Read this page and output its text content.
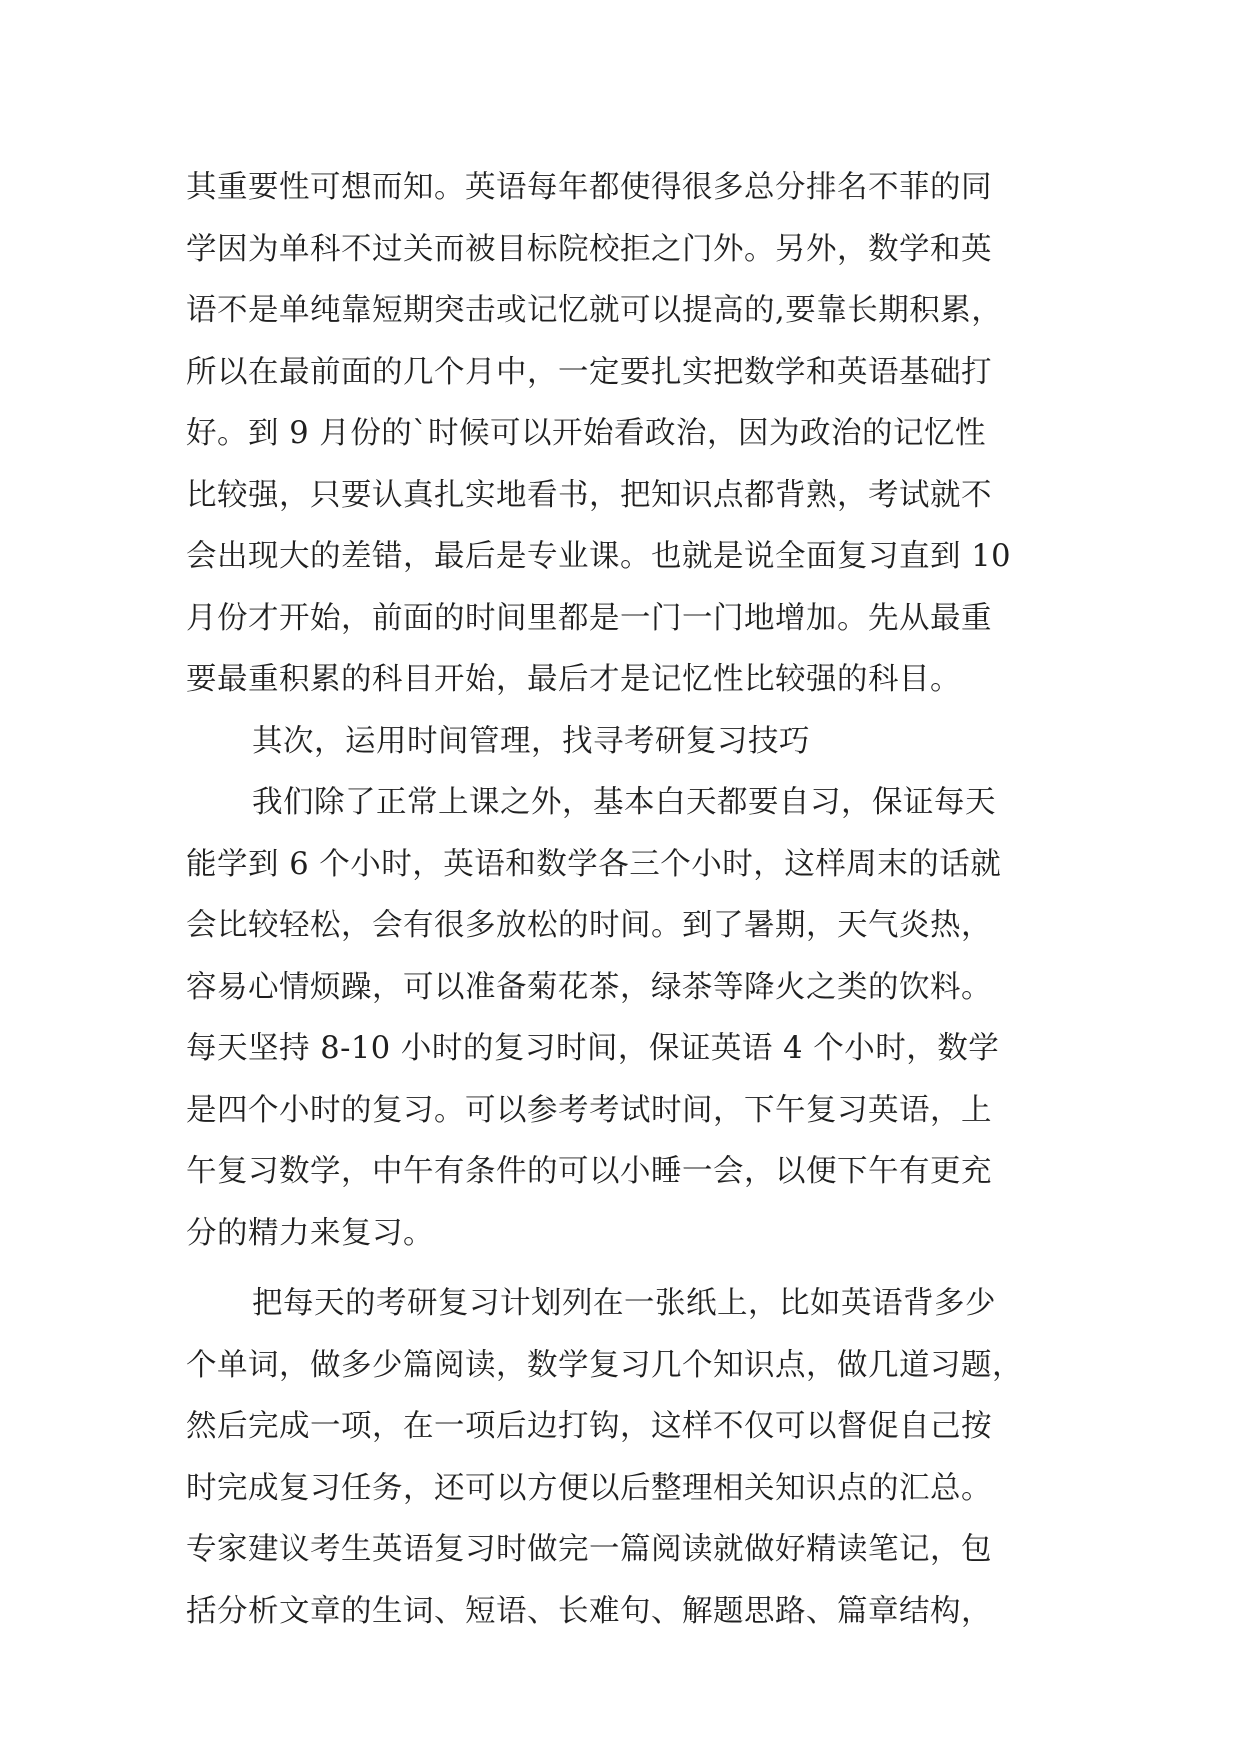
其重要性可想而知。英语每年都使得很多总分排名不菲的同
学因为单科不过关而被目标院校拒之门外。另外，数学和英
语不是单纯靠短期突击或记忆就可以提高的,要靠长期积累，
所以在最前面的几个月中，一定要扎实把数学和英语基础打
好。到 9 月份的`时候可以开始看政治，因为政治的记忆性
比较强，只要认真扎实地看书，把知识点都背熟，考试就不
会出现大的差错，最后是专业课。也就是说全面复习直到 10
月份才开始，前面的时间里都是一门一门地增加。先从最重
要最重积累的科目开始，最后才是记忆性比较强的科目。
其次，运用时间管理，找寻考研复习技巧
我们除了正常上课之外，基本白天都要自习，保证每天
能学到 6 个小时，英语和数学各三个小时，这样周末的话就
会比较轻松，会有很多放松的时间。到了暑期，天气炎热，
容易心情烦躁，可以准备菊花茶，绿茶等降火之类的饮料。
每天坚持 8-10 小时的复习时间，保证英语 4 个小时，数学
是四个小时的复习。可以参考考试时间，下午复习英语，上
午复习数学，中午有条件的可以小睡一会，以便下午有更充
分的精力来复习。
把每天的考研复习计划列在一张纸上，比如英语背多少
个单词，做多少篇阅读，数学复习几个知识点，做几道习题，
然后完成一项，在一项后边打钩，这样不仅可以督促自己按
时完成复习任务，还可以方便以后整理相关知识点的汇总。
专家建议考生英语复习时做完一篇阅读就做好精读笔记，包
括分析文章的生词、短语、长难句、解题思路、篇章结构，
